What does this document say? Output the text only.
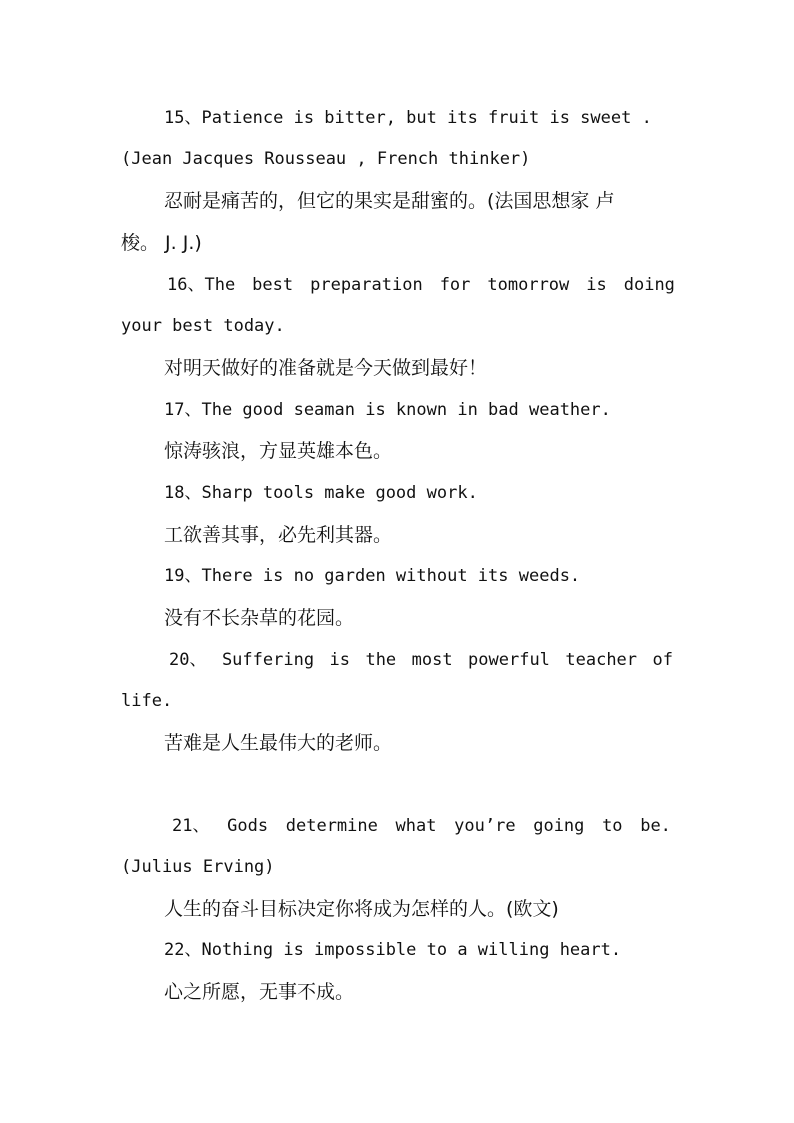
15、Patience is bitter, but its fruit is sweet .
(Jean Jacques Rousseau , French thinker)
忍耐是痛苦的，但它的果实是甜蜜的。(法国思想家 卢
梭。 J. J.)
16、The best preparation for tomorrow is doing
your best today.
对明天做好的准备就是今天做到最好！
17、The good seaman is known in bad weather.
惊涛骇浪，方显英雄本色。
18、Sharp tools make good work.
工欲善其事，必先利其器。
19、There is no garden without its weeds.
没有不长杂草的花园。
20、 Suffering is the most powerful teacher of
life.
苦难是人生最伟大的老师。
21、 Gods determine what you’re going to be.
(Julius Erving)
人生的奋斗目标决定你将成为怎样的人。(欧文)
22、Nothing is impossible to a willing heart.
心之所愿，无事不成。
